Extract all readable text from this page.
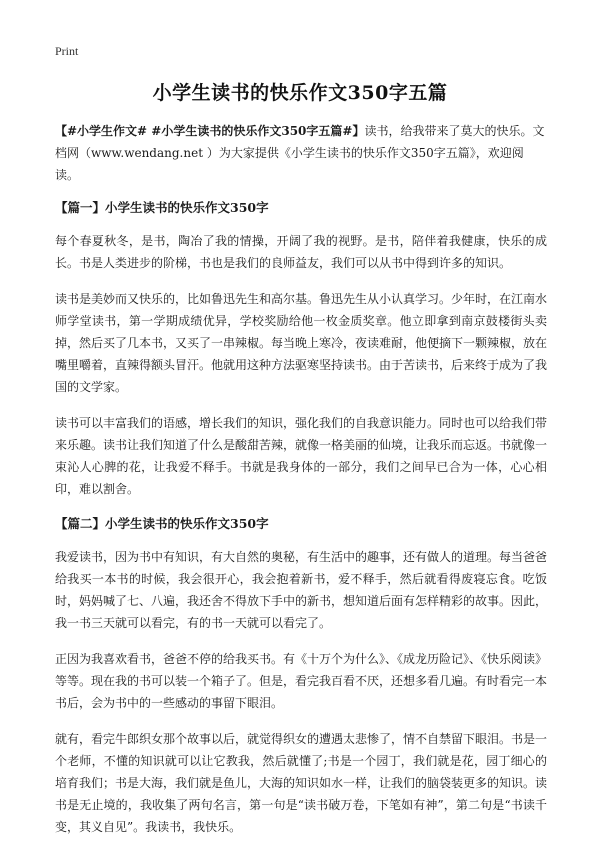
Print
小学生读书的快乐作文350字五篇

【#小学生作文# #小学生读书的快乐作文350字五篇#】读书，给我带来了莫大的快乐。文档网（www.wendang.net ）为大家提供《小学生读书的快乐作文350字五篇》，欢迎阅读。

【篇一】小学生读书的快乐作文350字

每个春夏秋冬，是书，陶冶了我的情操，开阔了我的视野。是书，陪伴着我健康，快乐的成长。书是人类进步的阶梯，书也是我们的良师益友，我们可以从书中得到许多的知识。

读书是美妙而又快乐的，比如鲁迅先生和高尔基。鲁迅先生从小认真学习。少年时，在江南水师学堂读书，第一学期成绩优异，学校奖励给他一枚金质奖章。他立即拿到南京鼓楼街头卖掉，然后买了几本书，又买了一串辣椒。每当晚上寒冷，夜读难耐，他便摘下一颗辣椒，放在嘴里嚼着，直辣得额头冒汗。他就用这种方法驱寒坚持读书。由于苦读书，后来终于成为了我国的文学家。

读书可以丰富我们的语感，增长我们的知识，强化我们的自我意识能力。同时也可以给我们带来乐趣。读书让我们知道了什么是酸甜苦辣，就像一格美丽的仙境，让我乐而忘返。书就像一束沁人心脾的花，让我爱不释手。书就是我身体的一部分，我们之间早已合为一体，心心相印，难以割舍。

【篇二】小学生读书的快乐作文350字

我爱读书，因为书中有知识，有大自然的奥秘，有生活中的趣事，还有做人的道理。每当爸爸给我买一本书的时候，我会很开心，我会抱着新书，爱不释手，然后就看得废寝忘食。吃饭时，妈妈喊了七、八遍，我还舍不得放下手中的新书，想知道后面有怎样精彩的故事。因此，我一书三天就可以看完，有的书一天就可以看完了。

正因为我喜欢看书，爸爸不停的给我买书。有《十万个为什么》、《成龙历险记》、《快乐阅读》等等。现在我的书可以装一个箱子了。但是，看完我百看不厌，还想多看几遍。有时看完一本书后，会为书中的一些感动的事留下眼泪。

就有，看完牛郎织女那个故事以后，就觉得织女的遭遇太悲惨了，情不自禁留下眼泪。书是一个老师，不懂的知识就可以让它教我，然后就懂了;书是一个园丁，我们就是花，园丁细心的培育我们；书是大海，我们就是鱼儿，大海的知识如水一样，让我们的脑袋装更多的知识。读书是无止境的，我收集了两句名言，第一句是“读书破万卷，下笔如有神”，第二句是“书读千变，其义自见”。我读书，我快乐。
